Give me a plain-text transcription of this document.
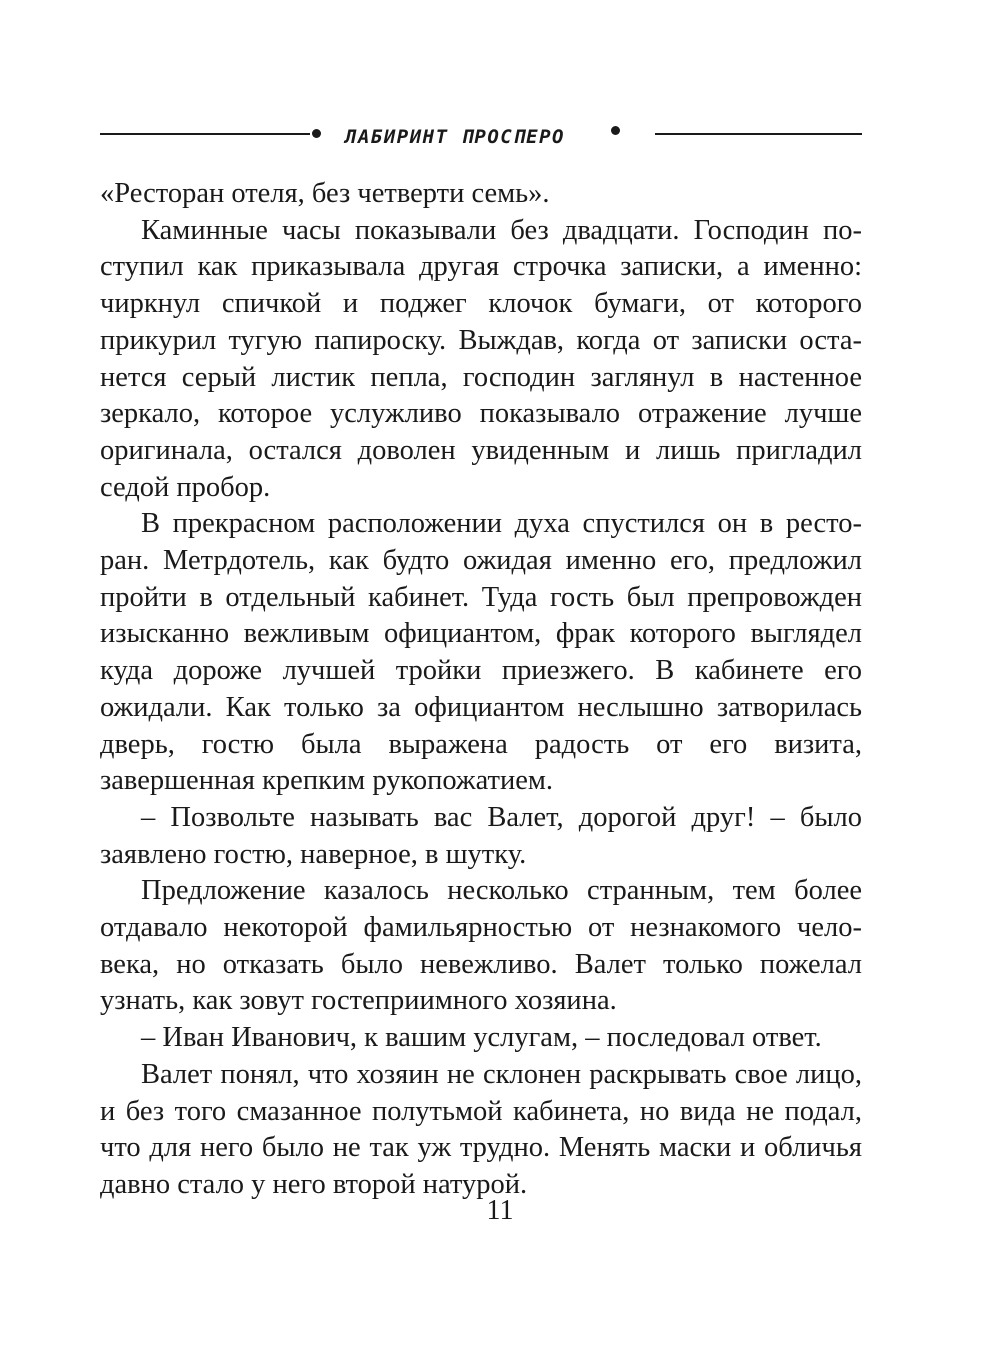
ЛАБИРИНТ ПРОСПЕРО

«Ресторан отеля, без четверти семь».

Каминные часы показывали без двадцати. Господин поступил как приказывала другая строчка записки, а именно: чиркнул спичкой и поджег клочок бумаги, от которого прикурил тугую папироску. Выждав, когда от записки останется серый листик пепла, господин заглянул в настенное зеркало, которое услужливо показывало отражение лучше оригинала, остался доволен увиденным и лишь пригладил седой пробор.

В прекрасном расположении духа спустился он в ресторан. Метрдотель, как будто ожидая именно его, предложил пройти в отдельный кабинет. Туда гость был препровожден изысканно вежливым официантом, фрак которого выглядел куда дороже лучшей тройки приезжего. В кабинете его ожидали. Как только за официантом неслышно затворилась дверь, гостю была выражена радость от его визита, завершенная крепким рукопожатием.

– Позвольте называть вас Валет, дорогой друг! – было заявлено гостю, наверное, в шутку.

Предложение казалось несколько странным, тем более отдавало некоторой фамильярностью от незнакомого человека, но отказать было невежливо. Валет только пожелал узнать, как зовут гостеприимного хозяина.

– Иван Иванович, к вашим услугам, – последовал ответ.

Валет понял, что хозяин не склонен раскрывать свое лицо, и без того смазанное полутьмой кабинета, но вида не подал, что для него было не так уж трудно. Менять маски и обличья давно стало у него второй натурой.

11
